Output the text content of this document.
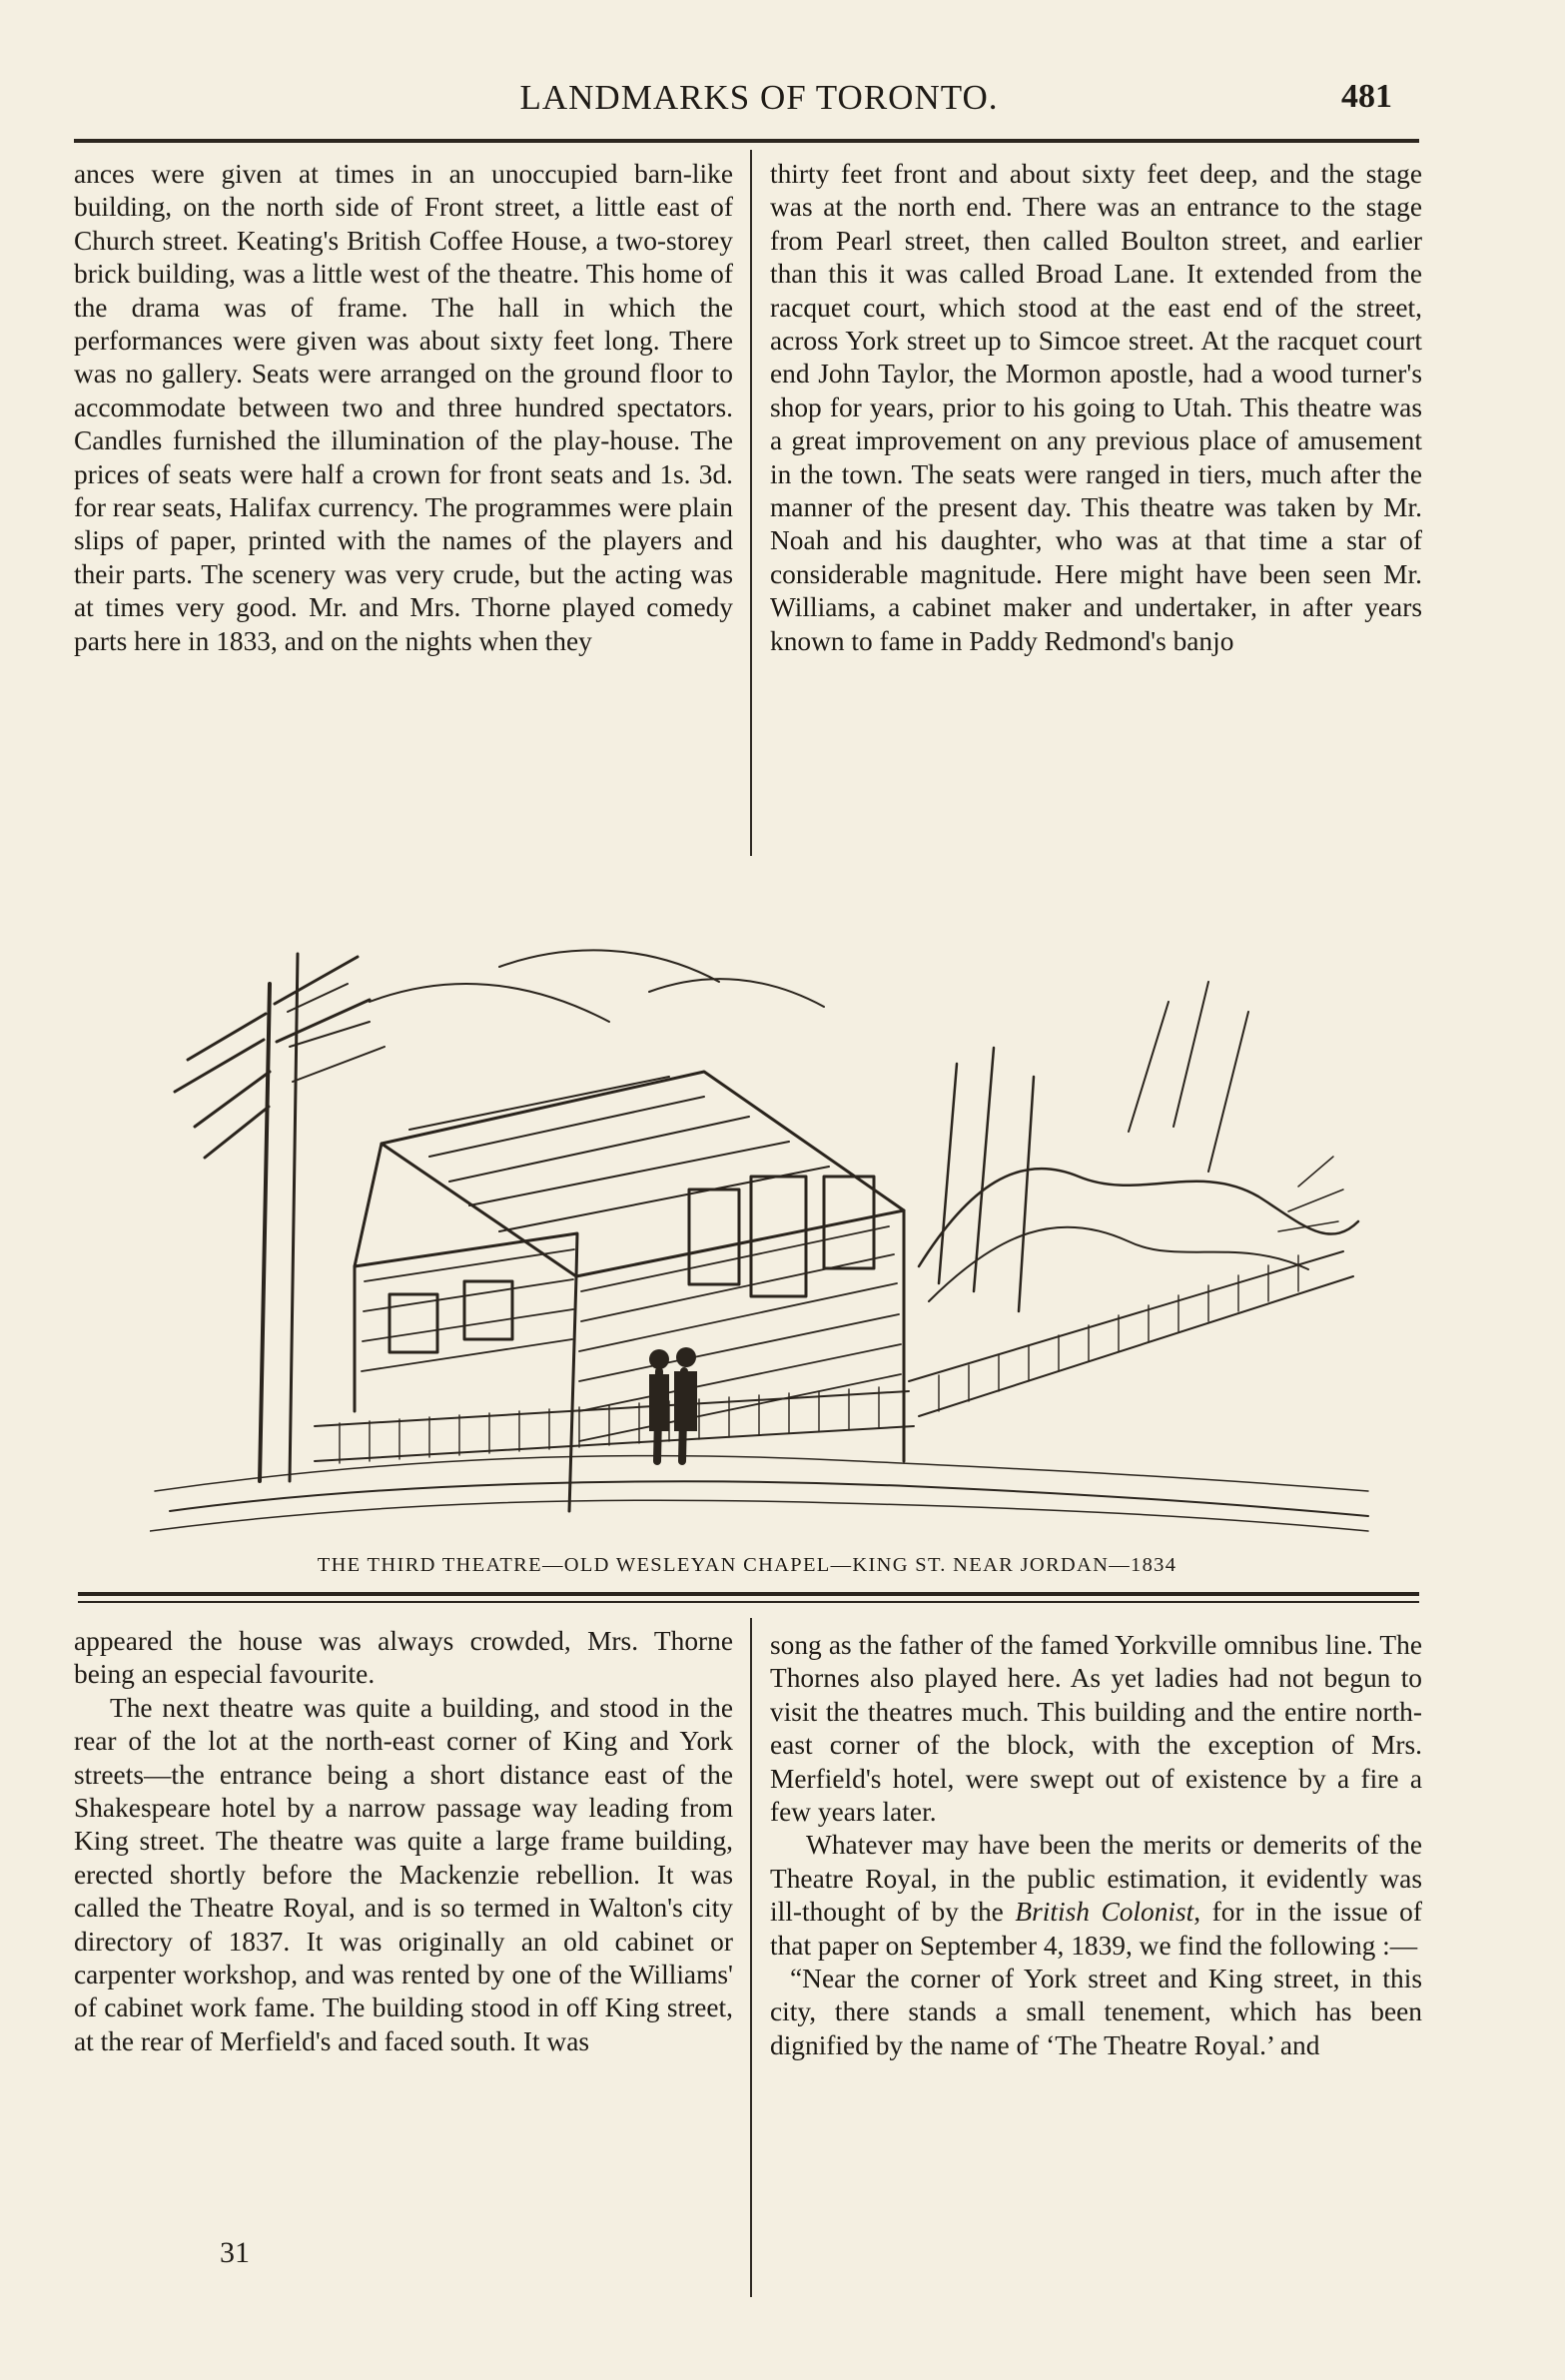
LANDMARKS OF TORONTO.	481

ances were given at times in an unoccupied barn-like building, on the north side of Front street, a little east of Church street. Keating's British Coffee House, a two-storey brick building, was a little west of the theatre. This home of the drama was of frame. The hall in which the performances were given was about sixty feet long. There was no gallery. Seats were arranged on the ground floor to accommodate between two and three hundred spectators. Candles furnished the illumination of the play-house. The prices of seats were half a crown for front seats and 1s. 3d. for rear seats, Halifax currency. The programmes were plain slips of paper, printed with the names of the players and their parts. The scenery was very crude, but the acting was at times very good. Mr. and Mrs. Thorne played comedy parts here in 1833, and on the nights when they

thirty feet front and about sixty feet deep, and the stage was at the north end. There was an entrance to the stage from Pearl street, then called Boulton street, and earlier than this it was called Broad Lane. It extended from the racquet court, which stood at the east end of the street, across York street up to Simcoe street. At the racquet court end John Taylor, the Mormon apostle, had a wood turner's shop for years, prior to his going to Utah. This theatre was a great improvement on any previous place of amusement in the town. The seats were ranged in tiers, much after the manner of the present day. This theatre was taken by Mr. Noah and his daughter, who was at that time a star of considerable magnitude. Here might have been seen Mr. Williams, a cabinet maker and undertaker, in after years known to fame in Paddy Redmond's banjo

THE THIRD THEATRE—OLD WESLEYAN CHAPEL—KING ST. NEAR JORDAN—1834

appeared the house was always crowded, Mrs. Thorne being an especial favourite.

The next theatre was quite a building, and stood in the rear of the lot at the north-east corner of King and York streets—the entrance being a short distance east of the Shakespeare hotel by a narrow passage way leading from King street. The theatre was quite a large frame building, erected shortly before the Mackenzie rebellion. It was called the Theatre Royal, and is so termed in Walton's city directory of 1837. It was originally an old cabinet or carpenter workshop, and was rented by one of the Williams' of cabinet work fame. The building stood in off King street, at the rear of Merfield's and faced south. It was

song as the father of the famed Yorkville omnibus line. The Thornes also played here. As yet ladies had not begun to visit the theatres much. This building and the entire north-east corner of the block, with the exception of Mrs. Merfield's hotel, were swept out of existence by a fire a few years later.

Whatever may have been the merits or demerits of the Theatre Royal, in the public estimation, it evidently was ill-thought of by the British Colonist, for in the issue of that paper on September 4, 1839, we find the following :—

“Near the corner of York street and King street, in this city, there stands a small tenement, which has been dignified by the name of ‘The Theatre Royal.’ and

31
